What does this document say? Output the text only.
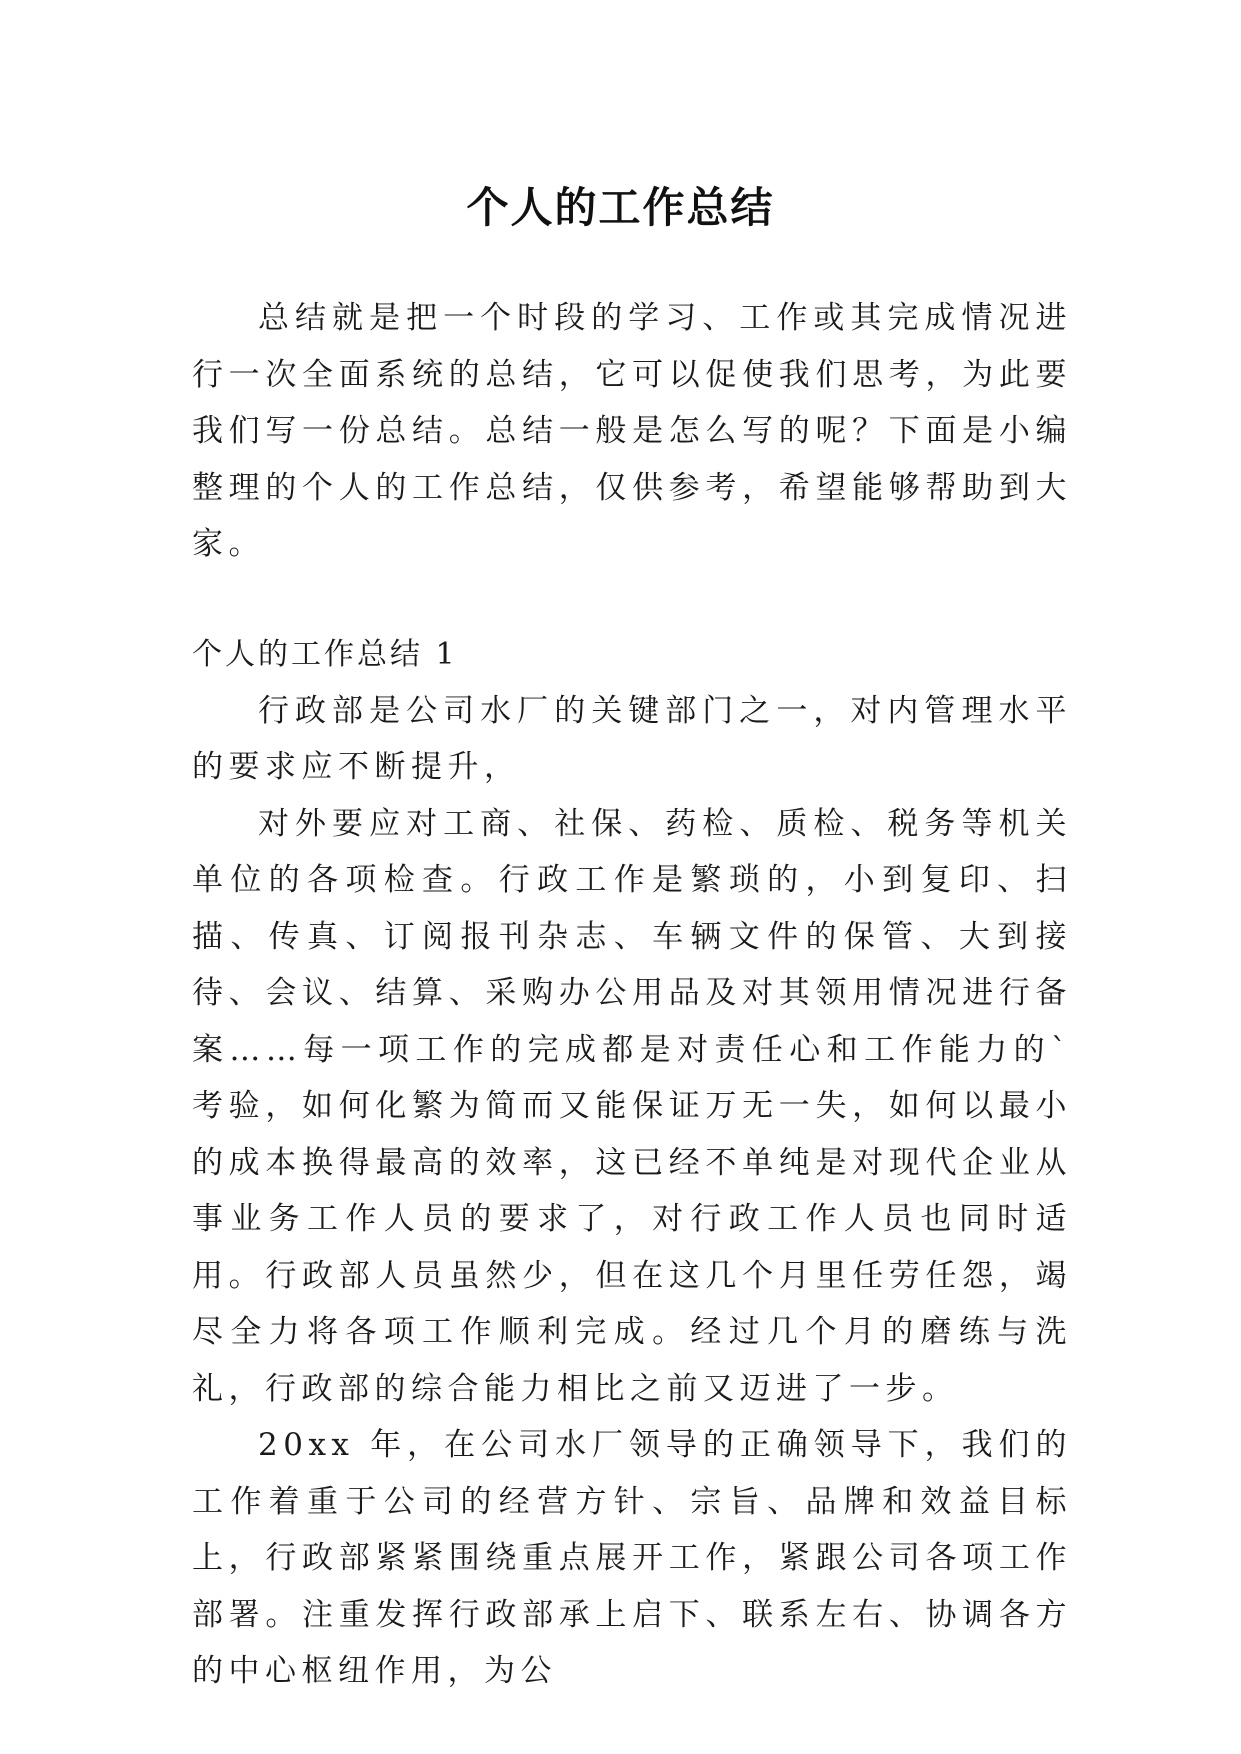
个人的工作总结

总结就是把一个时段的学习、工作或其完成情况进行一次全面系统的总结，它可以促使我们思考，为此要我们写一份总结。总结一般是怎么写的呢？下面是小编整理的个人的工作总结，仅供参考，希望能够帮助到大家。

个人的工作总结 1

行政部是公司水厂的关键部门之一，对内管理水平的要求应不断提升，

对外要应对工商、社保、药检、质检、税务等机关单位的各项检查。行政工作是繁琐的，小到复印、扫描、传真、订阅报刊杂志、车辆文件的保管、大到接待、会议、结算、采购办公用品及对其领用情况进行备案……每一项工作的完成都是对责任心和工作能力的`考验，如何化繁为简而又能保证万无一失，如何以最小的成本换得最高的效率，这已经不单纯是对现代企业从事业务工作人员的要求了，对行政工作人员也同时适用。行政部人员虽然少，但在这几个月里任劳任怨，竭尽全力将各项工作顺利完成。经过几个月的磨练与洗礼，行政部的综合能力相比之前又迈进了一步。

20xx 年，在公司水厂领导的正确领导下，我们的工作着重于公司的经营方针、宗旨、品牌和效益目标上，行政部紧紧围绕重点展开工作，紧跟公司各项工作部署。注重发挥行政部承上启下、联系左右、协调各方的中心枢纽作用，为公
